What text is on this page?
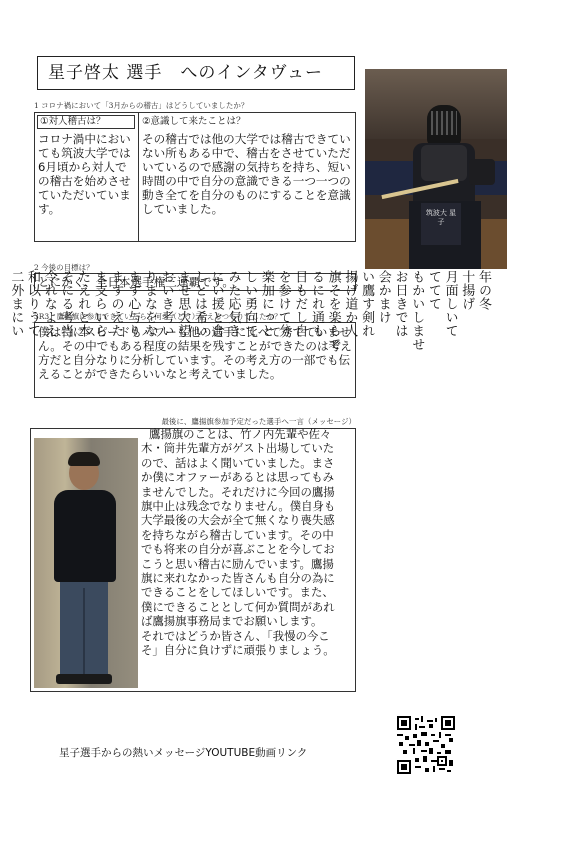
星子啓太 選手　へのインタヴュー
1 コロナ禍において「3月からの稽古」はどうしていましたか？
①対人稽古は？	②意識して来たことは？
コロナ渦中においても筑波大学では6月頃から対人での稽古を始めさせていただいています。
その稽古では他の大学では稽古できていない所もある中で、稽古をさせていただいているので感謝の気持ちを持ち、短い時間の中で自分の意識できる一つ一つの動き全てを自分のものにすることを意識していました。
2 今後の目標は？
とにかく、全日本選手権三連覇です。
3R3、鷹揚旗に参加できていたら、何を（どう）伝えるつもりでしたか？
僕は特にスピードもパワーも他の選手に比べて秀でていません。その中でもある程度の結果を残すことができたのは考え方だと自分なりに分析しています。その考え方の一部でも伝えることができたらいいなと考えていました。
最後に、鷹揚旗参加予定だった選手へ一言（メッセージ）
鷹揚旗のことは、竹ノ内先輩や佐々
木・筒井先輩方がゲスト出場していた
ので、話はよく聞いていました。まさ
か僕にオファーがあるとは思ってもみ
ませんでした。それだけに今回の鷹揚
旗中止は残念でなりません。僕自身も
大学最後の大会が全て無くなり喪失感
を持ちながら稽古しています。その中
でも将来の自分が喜ぶことを今してお
こうと思い稽古に励んでいます。鷹揚
旗に来れなかった皆さんも自分の為に
できることをしてほしいです。また、
僕にできることとして何か質問があれ
ば鷹揚旗事務局までお願いします。
それではどうか皆さん、「我慢の今こ
そ」自分に負けずに頑張りましょう。
筑波大 星子
年の冬
十揚げ
月面しいて
ててて
もかいしませ
お日きでは
会かまけ
い鷹す剣れ
揚げ道か人
旗そを楽らで
るにれ通も
日もだし自
を参けて分
楽加にっと
しい勇向て
みた応気き
にい援と合
しとは希い
ませ思大望
おいき考い
りまなをな
ます心与り
ますのえた
ま支らいら
たえれと本
そにる考当
令れなよえ
和以りうて
二外まにい

星子選手からの熱いメッセージYOUTUBE動画リンク
